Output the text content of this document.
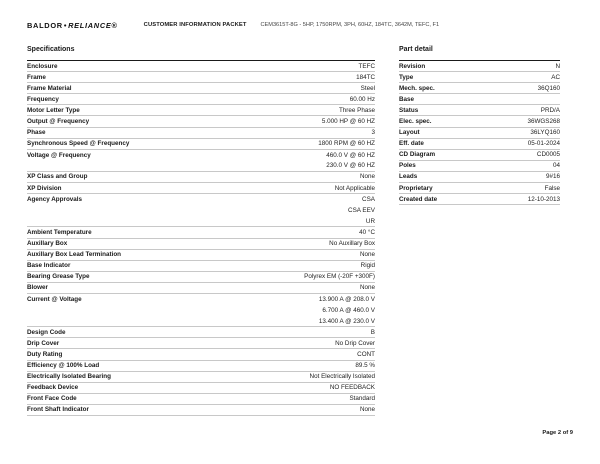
BALDOR•RELIANCE®	CUSTOMER INFORMATION PACKET	CEM3615T-8G - 5HP, 1750RPM, 3PH, 60HZ, 184TC, 3642M, TEFC, F1
Specifications
Enclosure	TEFC
Frame	184TC
Frame Material	Steel
Frequency	60.00 Hz
Motor Letter Type	Three Phase
Output @ Frequency	5.000 HP @ 60 HZ
Phase	3
Synchronous Speed @ Frequency	1800 RPM @ 60 HZ
Voltage @ Frequency	460.0 V @ 60 HZ
230.0 V @ 60 HZ
XP Class and Group	None
XP Division	Not Applicable
Agency Approvals	CSA
CSA EEV
UR
Ambient Temperature	40 °C
Auxillary Box	No Auxillary Box
Auxillary Box Lead Termination	None
Base Indicator	Rigid
Bearing Grease Type	Polyrex EM (-20F +300F)
Blower	None
Current @ Voltage	13.900 A @ 208.0 V
6.700 A @ 460.0 V
13.400 A @ 230.0 V
Design Code	B
Drip Cover	No Drip Cover
Duty Rating	CONT
Efficiency @ 100% Load	89.5 %
Electrically Isolated Bearing	Not Electrically Isolated
Feedback Device	NO FEEDBACK
Front Face Code	Standard
Front Shaft Indicator	None
Part detail
Revision	N
Type	AC
Mech. spec.	36Q160
Base
Status	PRD/A
Elec. spec.	36WGS268
Layout	36LYQ160
Eff. date	05-01-2024
CD Diagram	CD0005
Poles	04
Leads	9#16
Proprietary	False
Created date	12-10-2013
Page 2 of 9
